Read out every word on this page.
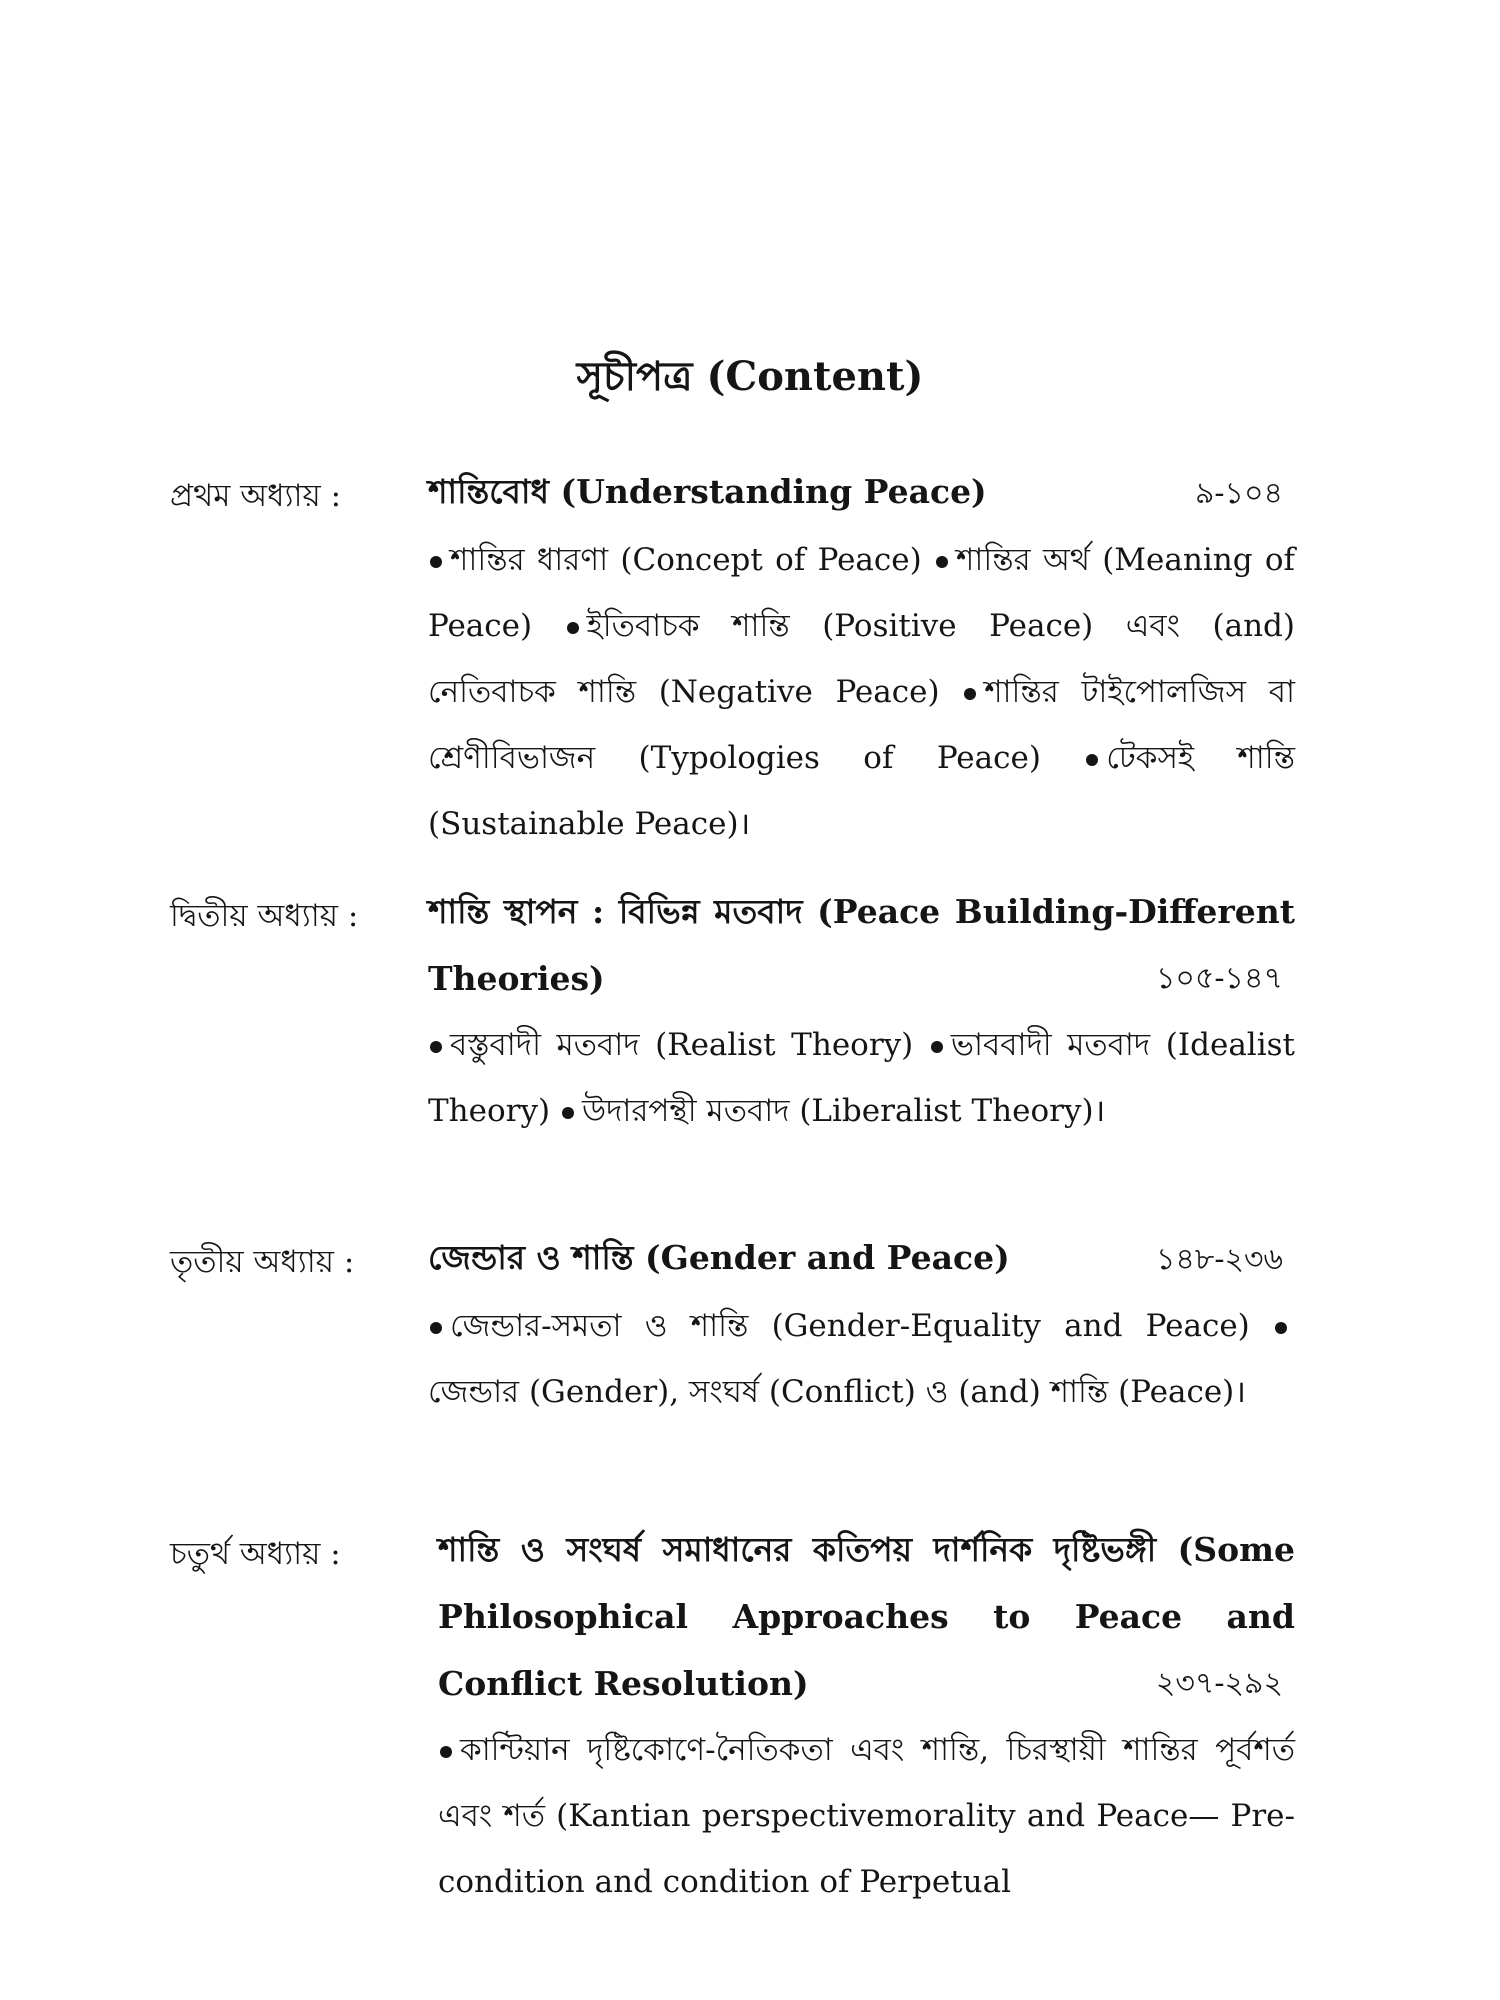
সূচীপত্র (Content)
প্রথম অধ্যায় :	শান্তিবোধ (Understanding Peace)	৯-১০৪
শান্তির ধারণা (Concept of Peace) শান্তির অর্থ (Meaning of Peace) ইতিবাচক শান্তি (Positive Peace) এবং (and) নেতিবাচক শান্তি (Negative Peace) শান্তির টাইপোলজিস বা শ্রেণীবিভাজন (Typologies of Peace) টেকসই শান্তি (Sustainable Peace)।
দ্বিতীয় অধ্যায় : শান্তি স্থাপন : বিভিন্ন মতবাদ (Peace Building-Different Theories)	১০৫-১৪৭
বস্তুবাদী মতবাদ (Realist Theory) ভাববাদী মতবাদ (Idealist Theory) উদারপন্থী মতবাদ (Liberalist Theory)।
তৃতীয় অধ্যায় : জেন্ডার ও শান্তি (Gender and Peace)	১৪৮-২৩৬
জেন্ডার-সমতা ও শান্তি (Gender-Equality and Peace) জেন্ডার (Gender), সংঘর্ষ (Conflict) ও (and) শান্তি (Peace)।
চতুর্থ অধ্যায় :	শান্তি ও সংঘর্ষ সমাধানের কতিপয় দার্শনিক দৃষ্টিভঙ্গী (Some Philosophical Approaches to Peace and Conflict Resolution)	২৩৭-২৯২
কান্টিয়ান দৃষ্টিকোণে-নৈতিকতা এবং শান্তি, চিরস্থায়ী শান্তির পূর্বশর্ত এবং শর্ত (Kantian perspectivemorality and Peace— Pre-condition and condition of Perpetual
